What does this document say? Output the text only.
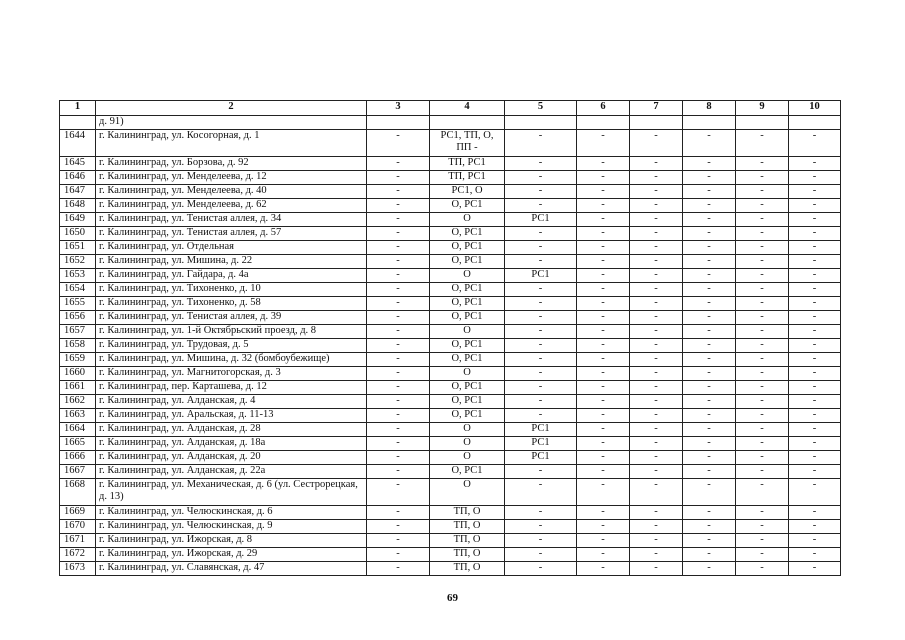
1	2	3	4	5	6	7	8	9	10
	д. 91)								
1644	г. Калининград, ул. Косогорная, д. 1	-	РС1, ТП, О, ПП -	-	-	-	-	-	-
1645	г. Калининград, ул. Борзова, д. 92	-	ТП, РС1	-	-	-	-	-	-
1646	г. Калининград, ул. Менделеева, д. 12	-	ТП, РС1	-	-	-	-	-	-
1647	г. Калининград, ул. Менделеева, д. 40	-	РС1, О	-	-	-	-	-	-
1648	г. Калининград, ул. Менделеева, д. 62	-	О, РС1	-	-	-	-	-	-
1649	г. Калининград, ул. Тенистая аллея, д. 34	-	О	РС1	-	-	-	-	-
1650	г. Калининград, ул. Тенистая аллея, д. 57	-	О, РС1	-	-	-	-	-	-
1651	г. Калининград, ул. Отдельная	-	О, РС1	-	-	-	-	-	-
1652	г. Калининград, ул. Мишина, д. 22	-	О, РС1	-	-	-	-	-	-
1653	г. Калининград, ул. Гайдара, д. 4а	-	О	РС1	-	-	-	-	-
1654	г. Калининград, ул. Тихоненко, д. 10	-	О, РС1	-	-	-	-	-	-
1655	г. Калининград, ул. Тихоненко, д. 58	-	О, РС1	-	-	-	-	-	-
1656	г. Калининград, ул. Тенистая аллея, д. 39	-	О, РС1	-	-	-	-	-	-
1657	г. Калининград, ул. 1-й Октябрьский проезд, д. 8	-	О	-	-	-	-	-	-
1658	г. Калининград, ул. Трудовая, д. 5	-	О, РС1	-	-	-	-	-	-
1659	г. Калининград, ул. Мишина, д. 32 (бомбоубежище)	-	О, РС1	-	-	-	-	-	-
1660	г. Калининград, ул. Магнитогорская, д. 3	-	О	-	-	-	-	-	-
1661	г. Калининград, пер. Карташева, д. 12	-	О, РС1	-	-	-	-	-	-
1662	г. Калининград, ул. Алданская, д. 4	-	О, РС1	-	-	-	-	-	-
1663	г. Калининград, ул. Аральская, д. 11-13	-	О, РС1	-	-	-	-	-	-
1664	г. Калининград, ул. Алданская, д. 28	-	О	РС1	-	-	-	-	-
1665	г. Калининград, ул. Алданская, д. 18а	-	О	РС1	-	-	-	-	-
1666	г. Калининград, ул. Алданская, д. 20	-	О	РС1	-	-	-	-	-
1667	г. Калининград, ул. Алданская, д. 22а	-	О, РС1	-	-	-	-	-	-
1668	г. Калининград, ул. Механическая, д. 6 (ул. Сестрорецкая, д. 13)	-	О	-	-	-	-	-	-
1669	г. Калининград, ул. Челюскинская, д. 6	-	ТП, О	-	-	-	-	-	-
1670	г. Калининград, ул. Челюскинская, д. 9	-	ТП, О	-	-	-	-	-	-
1671	г. Калининград, ул. Ижорская, д. 8	-	ТП, О	-	-	-	-	-	-
1672	г. Калининград, ул. Ижорская, д. 29	-	ТП, О	-	-	-	-	-	-
1673	г. Калининград, ул. Славянская, д. 47	-	ТП, О	-	-	-	-	-	-
69
